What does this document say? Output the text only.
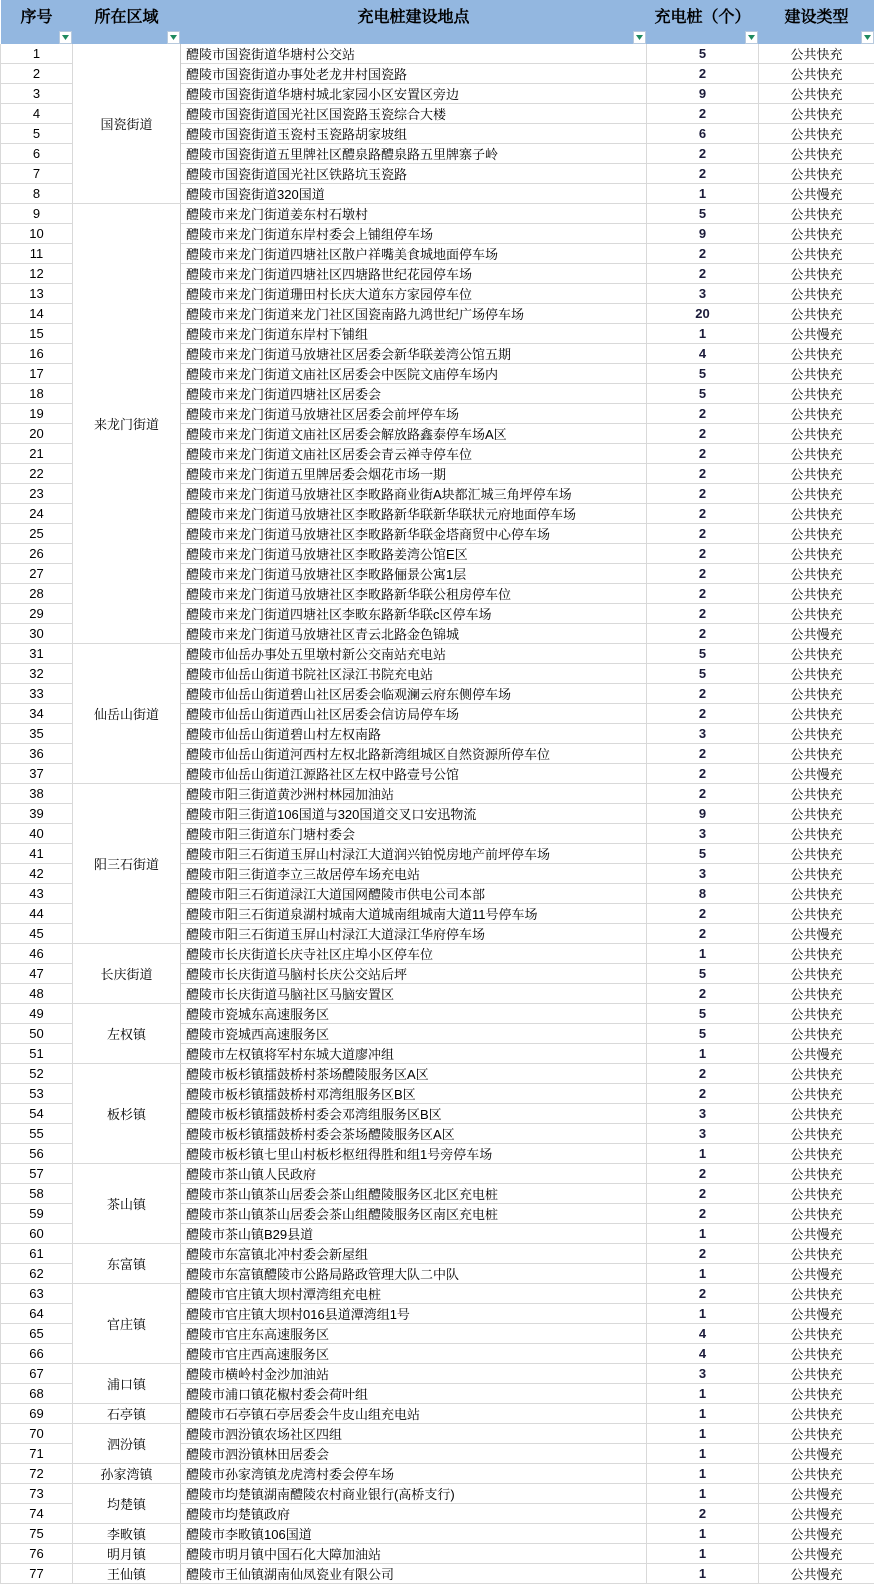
序号	所在区域	充电桩建设地点	充电桩（个）	建设类型

1	国瓷街道	醴陵市国瓷街道华塘村公交站	5	公共快充
2		醴陵市国瓷街道办事处老龙井村国瓷路	2	公共快充
3		醴陵市国瓷街道华塘村城北家园小区安置区旁边	9	公共快充
4		醴陵市国瓷街道国光社区国瓷路玉瓷综合大楼	2	公共快充
5		醴陵市国瓷街道玉瓷村玉瓷路胡家坡组	6	公共快充
6		醴陵市国瓷街道五里牌社区醴泉路醴泉路五里牌寨子岭	2	公共快充
7		醴陵市国瓷街道国光社区铁路坑玉瓷路	2	公共快充
8		醴陵市国瓷街道320国道	1	公共慢充
9	来龙门街道	醴陵市来龙门街道姜东村石墩村	5	公共快充
10		醴陵市来龙门街道东岸村委会上铺组停车场	9	公共快充
11		醴陵市来龙门街道四塘社区散户祥嘴美食城地面停车场	2	公共快充
12		醴陵市来龙门街道四塘社区四塘路世纪花园停车场	2	公共快充
13		醴陵市来龙门街道珊田村长庆大道东方家园停车位	3	公共快充
14		醴陵市来龙门街道来龙门社区国瓷南路九鸿世纪广场停车场	20	公共快充
15		醴陵市来龙门街道东岸村下铺组	1	公共慢充
16		醴陵市来龙门街道马放塘社区居委会新华联姜湾公馆五期	4	公共快充
17		醴陵市来龙门街道文庙社区居委会中医院文庙停车场内	5	公共快充
18		醴陵市来龙门街道四塘社区居委会	5	公共快充
19		醴陵市来龙门街道马放塘社区居委会前坪停车场	2	公共快充
20		醴陵市来龙门街道文庙社区居委会解放路鑫泰停车场A区	2	公共快充
21		醴陵市来龙门街道文庙社区居委会青云禅寺停车位	2	公共快充
22		醴陵市来龙门街道五里牌居委会烟花市场一期	2	公共快充
23		醴陵市来龙门街道马放塘社区李畋路商业街A块都汇城三角坪停车场	2	公共快充
24		醴陵市来龙门街道马放塘社区李畋路新华联新华联状元府地面停车场	2	公共快充
25		醴陵市来龙门街道马放塘社区李畋路新华联金塔商贸中心停车场	2	公共快充
26		醴陵市来龙门街道马放塘社区李畋路姜湾公馆E区	2	公共快充
27		醴陵市来龙门街道马放塘社区李畋路俪景公寓1层	2	公共快充
28		醴陵市来龙门街道马放塘社区李畋路新华联公租房停车位	2	公共快充
29		醴陵市来龙门街道四塘社区李畋东路新华联c区停车场	2	公共快充
30		醴陵市来龙门街道马放塘社区青云北路金色锦城	2	公共慢充
31	仙岳山街道	醴陵市仙岳办事处五里墩村新公交南站充电站	5	公共快充
32		醴陵市仙岳山街道书院社区渌江书院充电站	5	公共快充
33		醴陵市仙岳山街道碧山社区居委会临观澜云府东侧停车场	2	公共快充
34		醴陵市仙岳山街道西山社区居委会信访局停车场	2	公共快充
35		醴陵市仙岳山街道碧山村左权南路	3	公共快充
36		醴陵市仙岳山街道河西村左权北路新湾组城区自然资源所停车位	2	公共快充
37		醴陵市仙岳山街道江源路社区左权中路壹号公馆	2	公共慢充
38	阳三石街道	醴陵市阳三街道黄沙洲村林园加油站	2	公共快充
39		醴陵市阳三街道106国道与320国道交叉口安迅物流	9	公共快充
40		醴陵市阳三街道东门塘村委会	3	公共快充
41		醴陵市阳三石街道玉屏山村渌江大道润兴铂悦房地产前坪停车场	5	公共快充
42		醴陵市阳三街道李立三故居停车场充电站	3	公共快充
43		醴陵市阳三石街道渌江大道国网醴陵市供电公司本部	8	公共快充
44		醴陵市阳三石街道泉湖村城南大道城南组城南大道11号停车场	2	公共快充
45		醴陵市阳三石街道玉屏山村渌江大道渌江华府停车场	2	公共慢充
46	长庆街道	醴陵市长庆街道长庆寺社区庄埠小区停车位	1	公共快充
47		醴陵市长庆街道马脑村长庆公交站后坪	5	公共快充
48		醴陵市长庆街道马脑社区马脑安置区	2	公共快充
49	左权镇	醴陵市瓷城东高速服务区	5	公共快充
50		醴陵市瓷城西高速服务区	5	公共快充
51		醴陵市左权镇将军村东城大道廖冲组	1	公共慢充
52	板杉镇	醴陵市板杉镇擂鼓桥村茶场醴陵服务区A区	2	公共快充
53		醴陵市板杉镇擂鼓桥村邓湾组服务区B区	2	公共快充
54		醴陵市板杉镇擂鼓桥村委会邓湾组服务区B区	3	公共快充
55		醴陵市板杉镇擂鼓桥村委会茶场醴陵服务区A区	3	公共快充
56		醴陵市板杉镇七里山村板杉枢纽得胜和组1号旁停车场	1	公共快充
57	茶山镇	醴陵市茶山镇人民政府	2	公共快充
58		醴陵市茶山镇茶山居委会茶山组醴陵服务区北区充电桩	2	公共快充
59		醴陵市茶山镇茶山居委会茶山组醴陵服务区南区充电桩	2	公共快充
60		醴陵市茶山镇B29县道	1	公共慢充
61	东富镇	醴陵市东富镇北冲村委会新屋组	2	公共快充
62		醴陵市东富镇醴陵市公路局路政管理大队二中队	1	公共慢充
63	官庄镇	醴陵市官庄镇大坝村潭湾组充电桩	2	公共快充
64		醴陵市官庄镇大坝村016县道潭湾组1号	1	公共慢充
65		醴陵市官庄东高速服务区	4	公共快充
66		醴陵市官庄西高速服务区	4	公共快充
67	浦口镇	醴陵市横岭村金沙加油站	3	公共快充
68		醴陵市浦口镇花椒村委会荷叶组	1	公共快充
69	石亭镇	醴陵市石亭镇石亭居委会牛皮山组充电站	1	公共快充
70	泗汾镇	醴陵市泗汾镇农场社区四组	1	公共快充
71		醴陵市泗汾镇林田居委会	1	公共慢充
72	孙家湾镇	醴陵市孙家湾镇龙虎湾村委会停车场	1	公共快充
73	均楚镇	醴陵市均楚镇湖南醴陵农村商业银行(高桥支行)	1	公共慢充
74		醴陵市均楚镇政府	2	公共慢充
75	李畋镇	醴陵市李畋镇106国道	1	公共慢充
76	明月镇	醴陵市明月镇中国石化大障加油站	1	公共慢充
77	王仙镇	醴陵市王仙镇湖南仙凤瓷业有限公司	1	公共慢充
